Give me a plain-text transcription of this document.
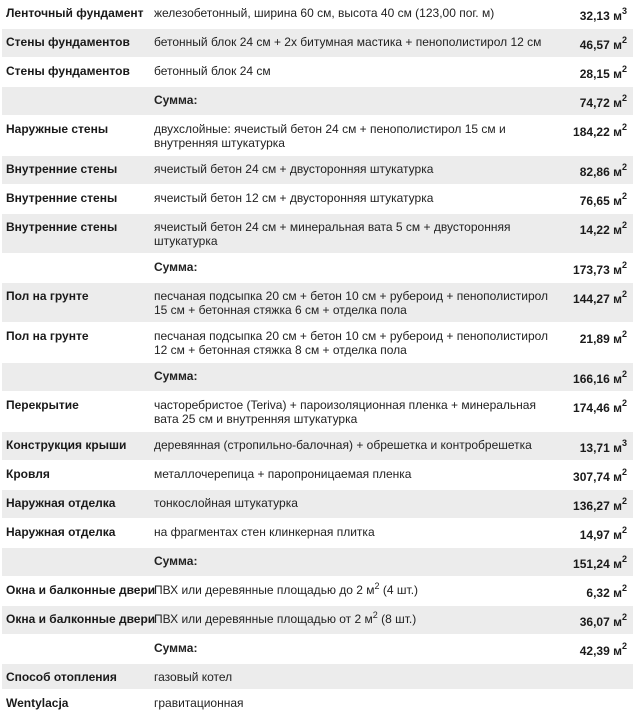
Ленточный фундамент	железобетонный, ширина 60 см, высота 40 см (123,00 пог. м)	32,13 $м^3$
Стены фундаментов	бетонный блок 24 см + 2х битумная мастика + пенополистирол 12 см	46,57 $м^2$
Стены фундаментов	бетонный блок 24 см	28,15 $м^2$
	Сумма:	74,72 $м^2$
Наружные стены	двухслойные: ячеистый бетон 24 см + пенополистирол 15 см и внутренняя штукатурка	184,22 $м^2$
Внутренние стены	ячеистый бетон 24 см + двусторонняя штукатурка	82,86 $м^2$
Внутренние стены	ячеистый бетон 12 см + двусторонняя штукатурка	76,65 $м^2$
Внутренние стены	ячеистый бетон 24 см + минеральная вата 5 см + двусторонняя штукатурка	14,22 $м^2$
	Сумма:	173,73 $м^2$
Пол на грунте	песчаная подсыпка 20 см + бетон 10 см + рубероид + пенополистирол 15 см + бетонная стяжка 6 см + отделка пола	144,27 $м^2$
Пол на грунте	песчаная подсыпка 20 см + бетон 10 см + рубероид + пенополистирол 12 см + бетонная стяжка 8 см + отделка пола	21,89 $м^2$
	Сумма:	166,16 $м^2$
Перекрытие	часторебристое (Teriva) + пароизоляционная пленка + минеральная вата 25 см и внутренняя штукатурка	174,46 $м^2$
Конструкция крыши	деревянная (стропильно-балочная) + обрешетка и контробрешетка	13,71 $м^3$
Кровля	металлочерепица + паропроницаемая пленка	307,74 $м^2$
Наружная отделка	тонкослойная штукатурка	136,27 $м^2$
Наружная отделка	на фрагментах стен клинкерная плитка	14,97 $м^2$
	Сумма:	151,24 $м^2$
Окна и балконные двери	ПВХ или деревянные площадью до 2 $м^2$ (4 шт.)	6,32 $м^2$
Окна и балконные двери	ПВХ или деревянные площадью от 2 $м^2$ (8 шт.)	36,07 $м^2$
	Сумма:	42,39 $м^2$
Способ отопления	газовый котел	
Wentylacja	гравитационная	
